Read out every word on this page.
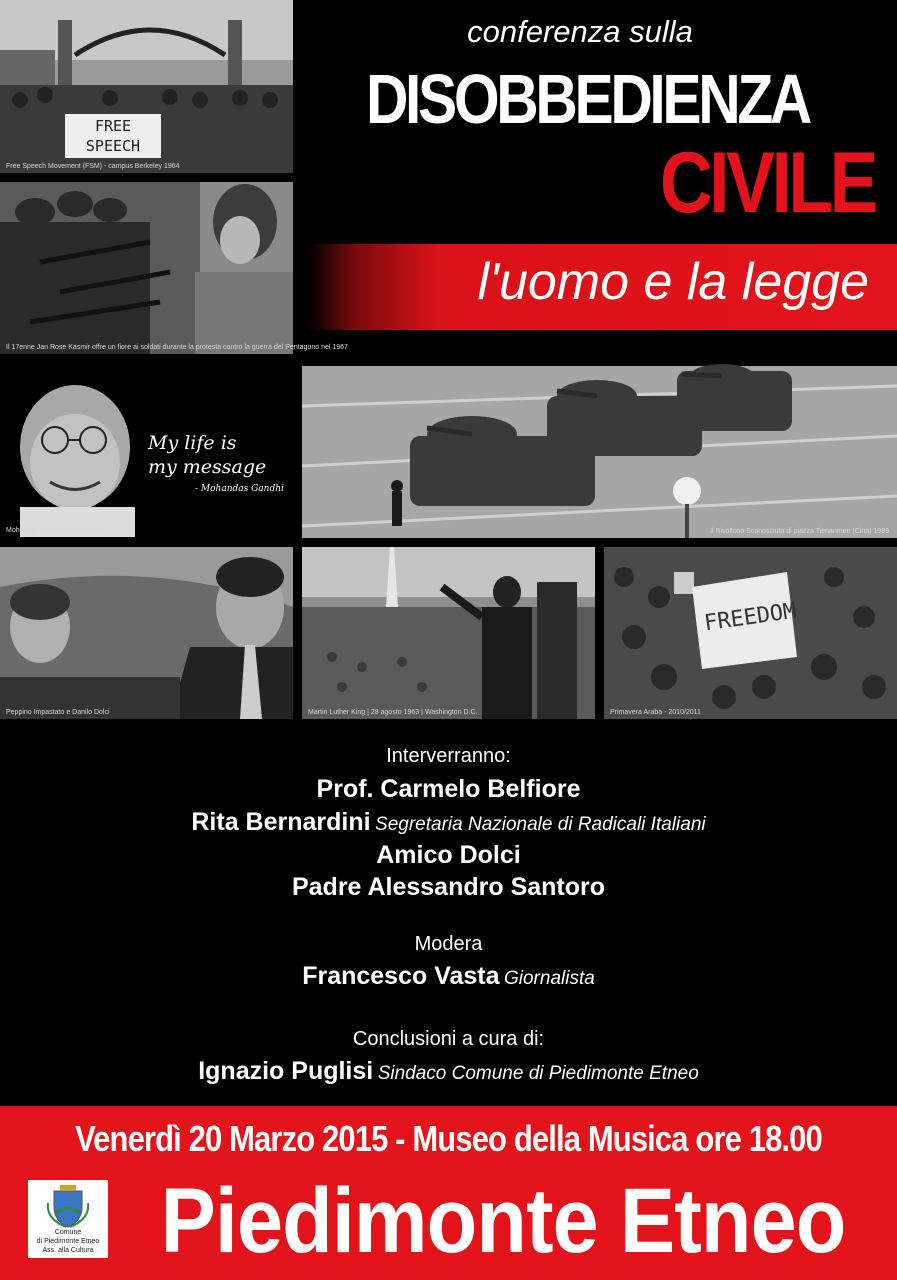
FREE
SPEECH
Free Speech Movement (FSM) - campus Berkeley 1964
Il 17enne Jan Rose Kasmir offre un fiore ai soldati durante la protesta contro la guerra del Pentagono nel 1967
My life is
my message
- Mohandas Gandhi
Mohandas Karamchand Gandhi	Il Rivoltoso Sconosciuto di piazza Tienanmen (Cina) 1989
Peppino Impastato e Danilo Dolci	Martin Luther King | 28 agosto 1963 | Washington D.C.
FREEDOM
Primavera Araba - 2010/2011
conferenza sulla
DISOBBEDIENZA
CIVILE
l'uomo e la legge
Interverranno:
Prof. Carmelo Belfiore
Rita Bernardini Segretaria Nazionale di Radicali Italiani
Amico Dolci
Padre Alessandro Santoro
Modera
Francesco Vasta Giornalista
Conclusioni a cura di:
Ignazio Puglisi Sindaco Comune di Piedimonte Etneo
Venerdì 20 Marzo 2015 - Museo della Musica ore 18.00
Comune
di Piedimonte Etneo
Ass. alla Cultura Piedimonte Etneo
